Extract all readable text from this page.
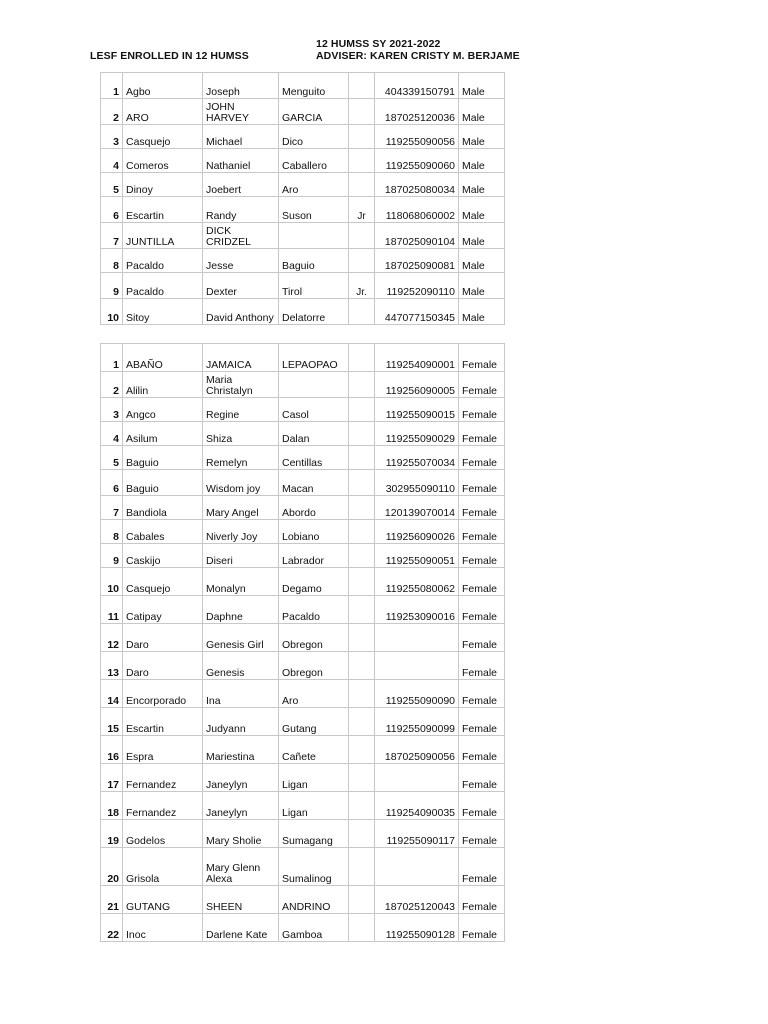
12 HUMSS SY 2021-2022
LESF ENROLLED IN 12 HUMSS	ADVISER: KAREN CRISTY M. BERJAME
1	Agbo	Joseph	Menguito		404339150791	Male
2	ARO	JOHN HARVEY	GARCIA		187025120036	Male
3	Casquejo	Michael	Dico		119255090056	Male
4	Comeros	Nathaniel	Caballero		119255090060	Male
5	Dinoy	Joebert	Aro		187025080034	Male
6	Escartin	Randy	Suson	Jr	118068060002	Male
7	JUNTILLA	DICK CRIDZEL			187025090104	Male
8	Pacaldo	Jesse	Baguio		187025090081	Male
9	Pacaldo	Dexter	Tirol	Jr.	119252090110	Male
10	Sitoy	David Anthony	Delatorre		447077150345	Male
1	ABAÑO	JAMAICA	LEPAOPAO		119254090001	Female
2	Alilin	Maria Christalyn			119256090005	Female
3	Angco	Regine	Casol		119255090015	Female
4	Asilum	Shiza	Dalan		119255090029	Female
5	Baguio	Remelyn	Centillas		119255070034	Female
6	Baguio	Wisdom joy	Macan		302955090110	Female
7	Bandiola	Mary Angel	Abordo		120139070014	Female
8	Cabales	Niverly Joy	Lobiano		119256090026	Female
9	Caskijo	Diseri	Labrador		119255090051	Female
10	Casquejo	Monalyn	Degamo		119255080062	Female
11	Catipay	Daphne	Pacaldo		119253090016	Female
12	Daro	Genesis Girl	Obregon			Female
13	Daro	Genesis	Obregon			Female
14	Encorporado	Ina	Aro		119255090090	Female
15	Escartin	Judyann	Gutang		119255090099	Female
16	Espra	Mariestina	Cañete		187025090056	Female
17	Fernandez	Janeylyn	Ligan			Female
18	Fernandez	Janeylyn	Ligan		119254090035	Female
19	Godelos	Mary Sholie	Sumagang		119255090117	Female
20	Grisola	Mary Glenn Alexa	Sumalinog			Female
21	GUTANG	SHEEN	ANDRINO		187025120043	Female
22	Inoc	Darlene Kate	Gamboa		119255090128	Female
